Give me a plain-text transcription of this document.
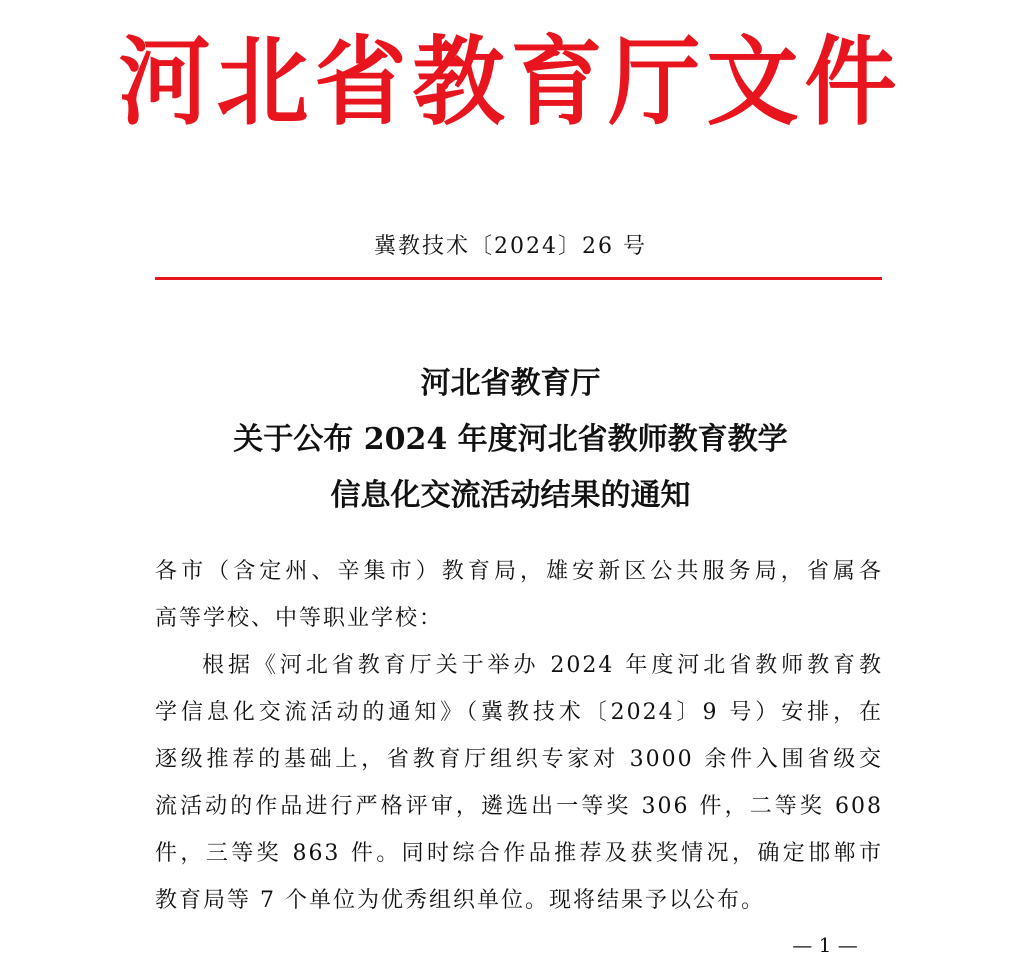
河北省教育厅文件
冀教技术〔2024〕26 号
河北省教育厅
关于公布 2024 年度河北省教师教育教学
信息化交流活动结果的通知
各市（含定州、辛集市）教育局，雄安新区公共服务局，省属各
高等学校、中等职业学校：
根据《河北省教育厅关于举办 2024 年度河北省教师教育教
学信息化交流活动的通知》（冀教技术〔2024〕9 号）安排，在
逐级推荐的基础上，省教育厅组织专家对 3000 余件入围省级交
流活动的作品进行严格评审，遴选出一等奖 306 件，二等奖 608
件，三等奖 863 件。同时综合作品推荐及获奖情况，确定邯郸市
教育局等 7 个单位为优秀组织单位。现将结果予以公布。
— 1 —
